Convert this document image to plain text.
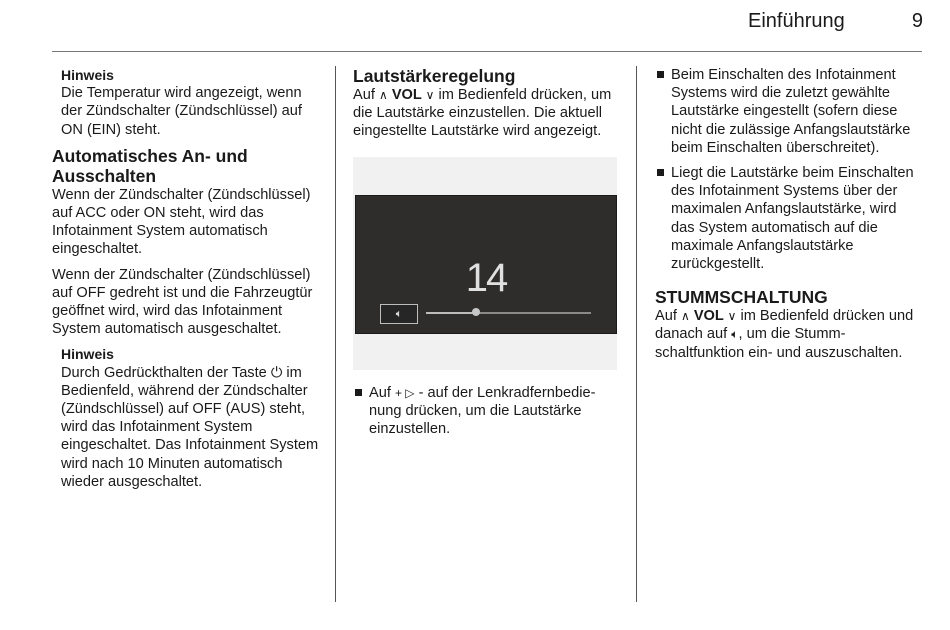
Einführung	9
Hinweis
Die Temperatur wird angezeigt, wenn der Zündschalter (Zündschlüssel) auf ON (EIN) steht.
Automatisches An- und
Ausschalten
Wenn der Zündschalter (Zündschlüssel) auf ACC oder ON steht, wird das Infotainment System automatisch eingeschaltet.
Wenn der Zündschalter (Zündschlüssel) auf OFF gedreht ist und die Fahrzeugtür geöffnet wird, wird das Infotainment System automatisch ausgeschaltet.
Hinweis
Durch Gedrückthalten der Taste ⏻ im Bedienfeld, während der Zündschalter (Zündschlüssel) auf OFF (AUS) steht, wird das Infotainment System eingeschaltet. Das Infotainment System wird nach 10 Minuten automatisch wieder ausgeschaltet.
Lautstärkeregelung
Auf ∧ VOL ∨ im Bedienfeld drücken, um die Lautstärke einzustellen. Die aktuell eingestellte Lautstärke wird angezeigt.
14
🔈︎
Auf + ▷ - auf der Lenkradfernbedienung drücken, um die Lautstärke einzustellen.
Beim Einschalten des Infotainment Systems wird die zuletzt gewählte Lautstärke eingestellt (sofern diese nicht die zulässige Anfangslautstärke beim Einschalten überschreitet).
Liegt die Lautstärke beim Einschalten des Infotainment Systems über der maximalen Anfangslautstärke, wird das System automatisch auf die maximale Anfangslautstärke zurückgestellt.
STUMMSCHALTUNG
Auf ∧ VOL ∨ im Bedienfeld drücken und danach auf 🔈︎, um die Stummschaltfunktion ein- und auszuschalten.
